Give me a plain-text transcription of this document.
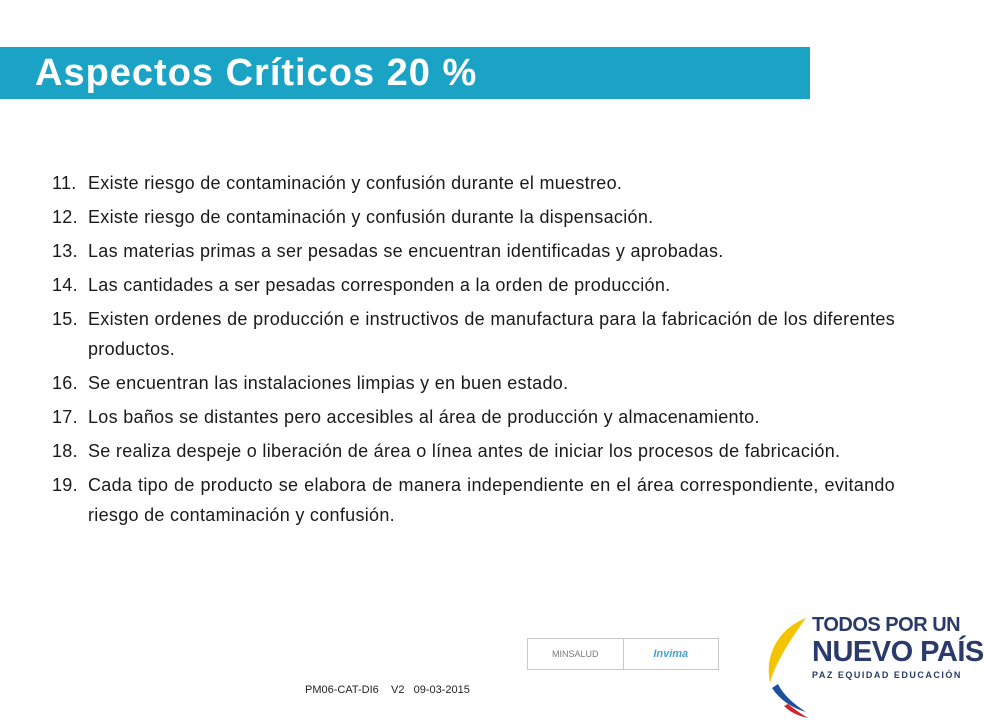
Aspectos Críticos 20 %
11. Existe riesgo de contaminación y confusión durante el muestreo.
12. Existe riesgo de contaminación y confusión durante la dispensación.
13. Las materias primas a ser pesadas se encuentran identificadas y aprobadas.
14. Las cantidades a ser pesadas corresponden a la orden de producción.
15. Existen ordenes de producción e instructivos de manufactura para la fabricación de los diferentes productos.
16. Se encuentran las instalaciones limpias y en buen estado.
17. Los baños se distantes pero accesibles al área de producción y almacenamiento.
18. Se realiza despeje o liberación de área o línea antes de iniciar los procesos de fabricación.
19. Cada tipo de producto se elabora de manera independiente en el área correspondiente, evitando riesgo de contaminación y confusión.
MINSALUD	Invima
PM06-CAT-DI6    V2   09-03-2015
TODOS POR UN
NUEVO PAÍS
PAZ EQUIDAD EDUCACIÓN
